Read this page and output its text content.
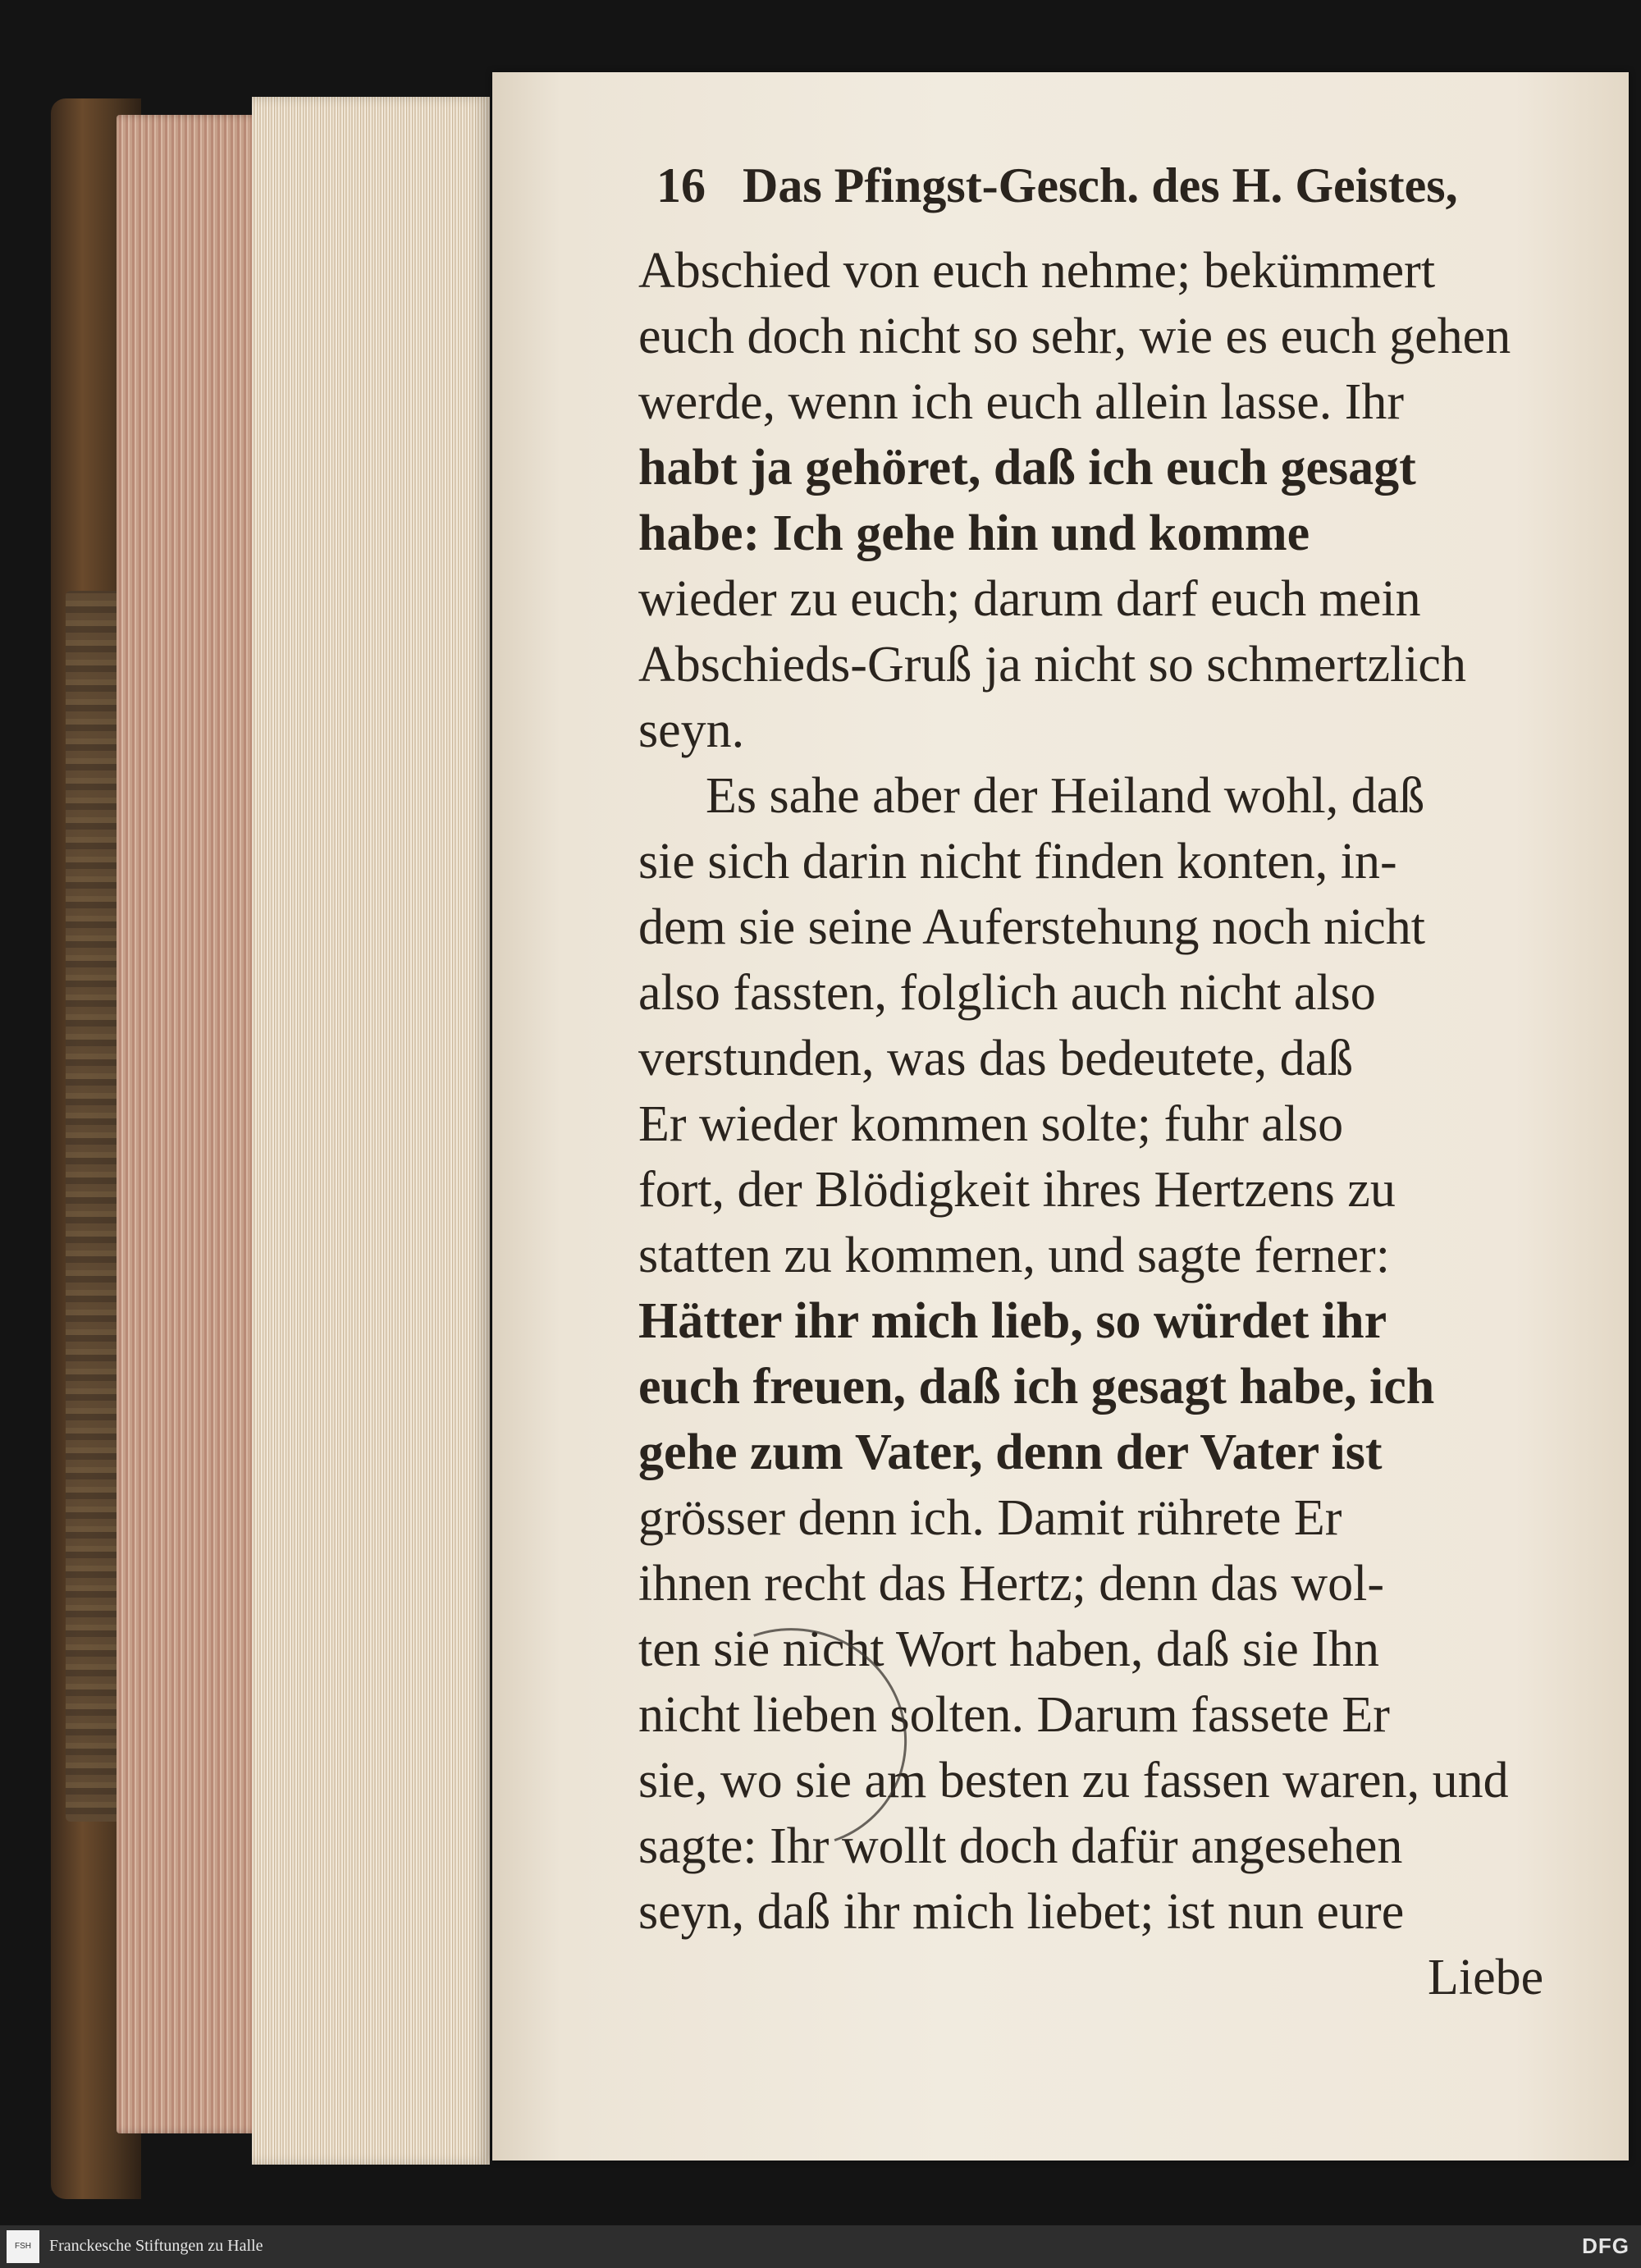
16 Das Pfingst-Gesch. des H. Geistes,
Abschied von euch nehme; bekümmert
euch doch nicht so sehr, wie es euch gehen
werde, wenn ich euch allein lasse. Ihr
habt ja gehöret, daß ich euch gesagt
habe: Ich gehe hin und komme
wieder zu euch; darum darf euch mein
Abschieds-Gruß ja nicht so schmertzlich
seyn.
Es sahe aber der Heiland wohl, daß
sie sich darin nicht finden konten, in-
dem sie seine Auferstehung noch nicht
also fassten, folglich auch nicht also
verstunden, was das bedeutete, daß
Er wieder kommen solte; fuhr also
fort, der Blödigkeit ihres Hertzens zu
statten zu kommen, und sagte ferner:
Hätter ihr mich lieb, so würdet ihr
euch freuen, daß ich gesagt habe, ich
gehe zum Vater, denn der Vater ist
grösser denn ich. Damit rührete Er
ihnen recht das Hertz; denn das wol-
ten sie nicht Wort haben, daß sie Ihn
nicht lieben solten. Darum fassete Er
sie, wo sie am besten zu fassen waren, und
sagte: Ihr wollt doch dafür angesehen
seyn, daß ihr mich liebet; ist nun eure
Liebe
FSH	Franckesche Stiftungen zu Halle	DFG
